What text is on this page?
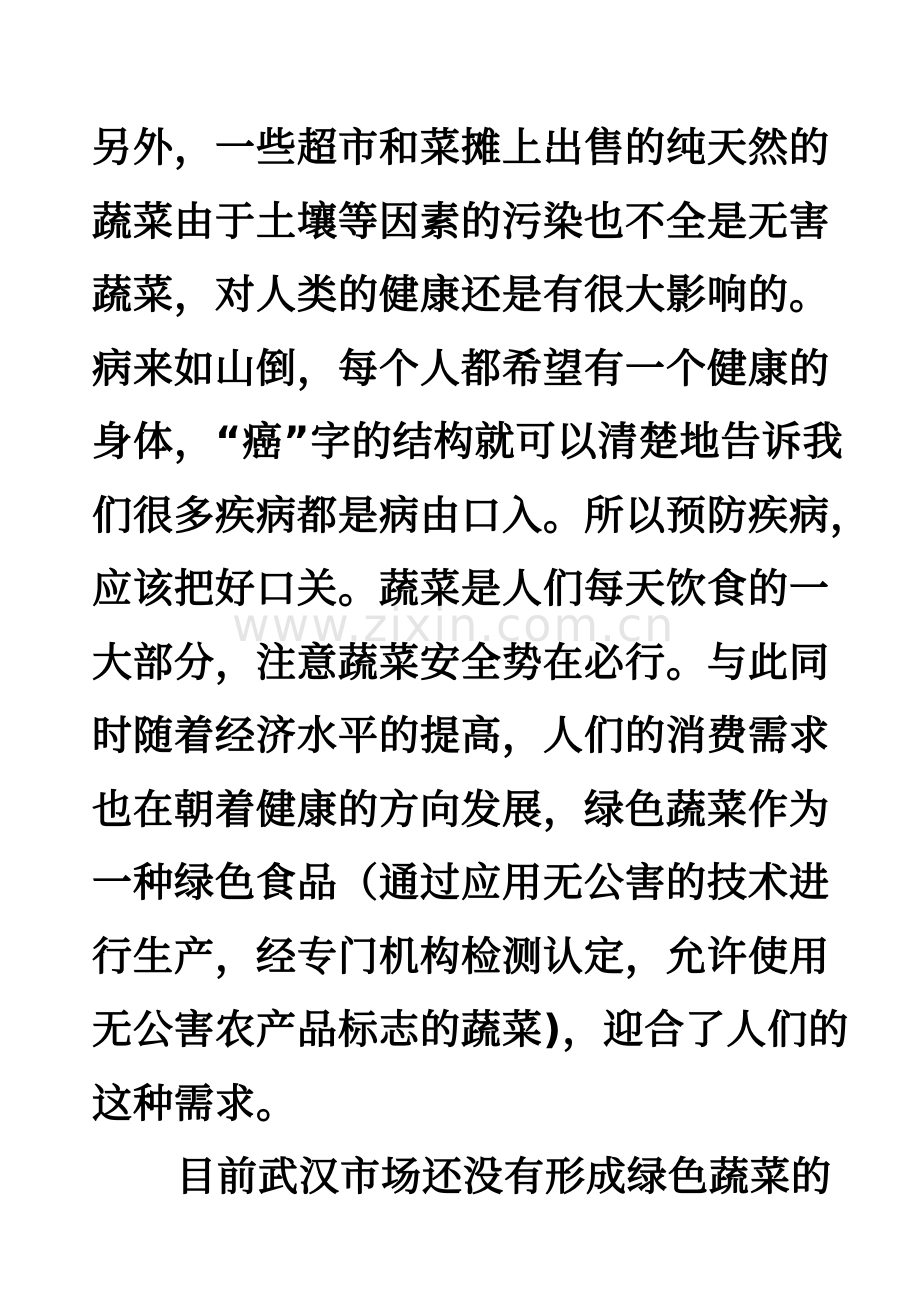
另外，一些超市和菜摊上出售的纯天然的
蔬菜由于土壤等因素的污染也不全是无害
蔬菜，对人类的健康还是有很大影响的。
病来如山倒，每个人都希望有一个健康的
身体，“癌”字的结构就可以清楚地告诉我
们很多疾病都是病由口入。所以预防疾病，
应该把好口关。蔬菜是人们每天饮食的一
大部分，注意蔬菜安全势在必行。与此同
时随着经济水平的提高，人们的消费需求
也在朝着健康的方向发展，绿色蔬菜作为
一种绿色食品（通过应用无公害的技术进
行生产，经专门机构检测认定，允许使用
无公害农产品标志的蔬菜)，迎合了人们的
这种需求。
目前武汉市场还没有形成绿色蔬菜的
www.zixin.com.cn
